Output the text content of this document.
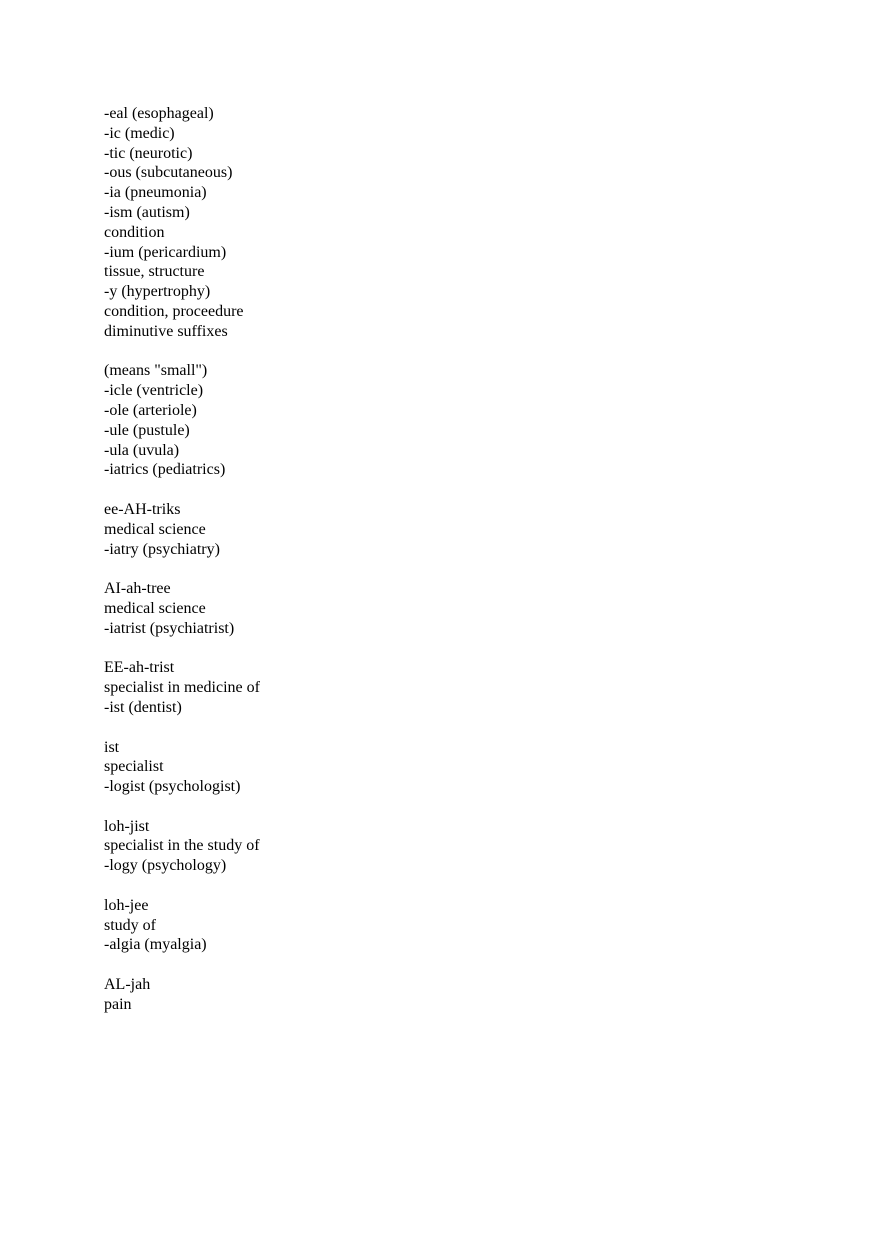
-eal (esophageal)
-ic (medic)
-tic (neurotic)
-ous (subcutaneous)
-ia (pneumonia)
-ism (autism)
condition
-ium (pericardium)
tissue, structure
-y (hypertrophy)
condition, proceedure
diminutive suffixes
(means "small")
-icle (ventricle)
-ole (arteriole)
-ule (pustule)
-ula (uvula)
-iatrics (pediatrics)
ee-AH-triks
medical science
-iatry (psychiatry)
AI-ah-tree
medical science
-iatrist (psychiatrist)
EE-ah-trist
specialist in medicine of
-ist (dentist)
ist
specialist
-logist (psychologist)
loh-jist
specialist in the study of
-logy (psychology)
loh-jee
study of
-algia (myalgia)
AL-jah
pain
